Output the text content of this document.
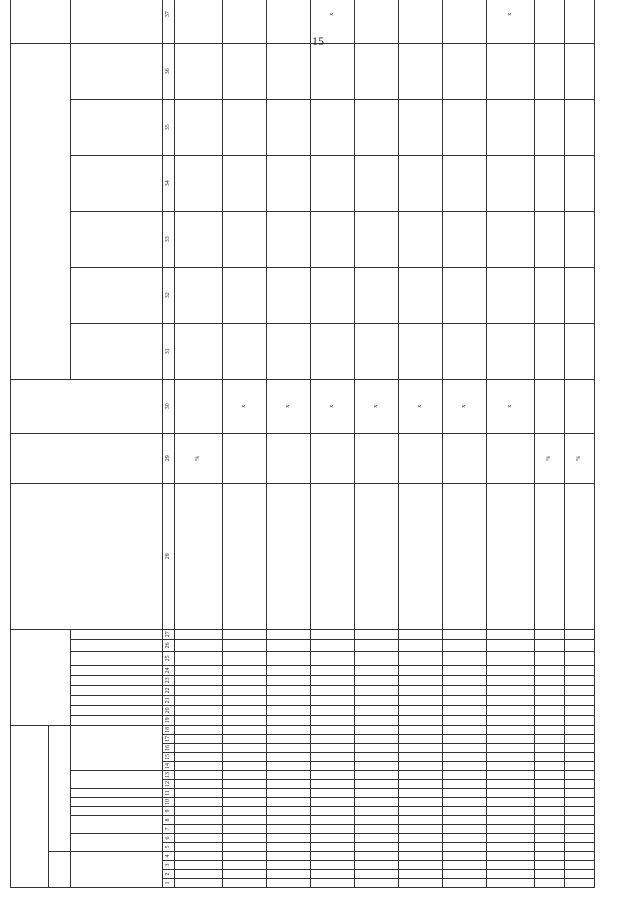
15

1	2	3	4	5	6	7	8	9	10	11	12	13	14	15	16	17	18	19	20	21	22	23	24	25	26	27	28	29	30	31	32	33	34	35	36	37
																												%								
																													x							
																													x							
																													x							x
																													x							
																													x							
																													x							
																													x							x
																												%								
																												%								
